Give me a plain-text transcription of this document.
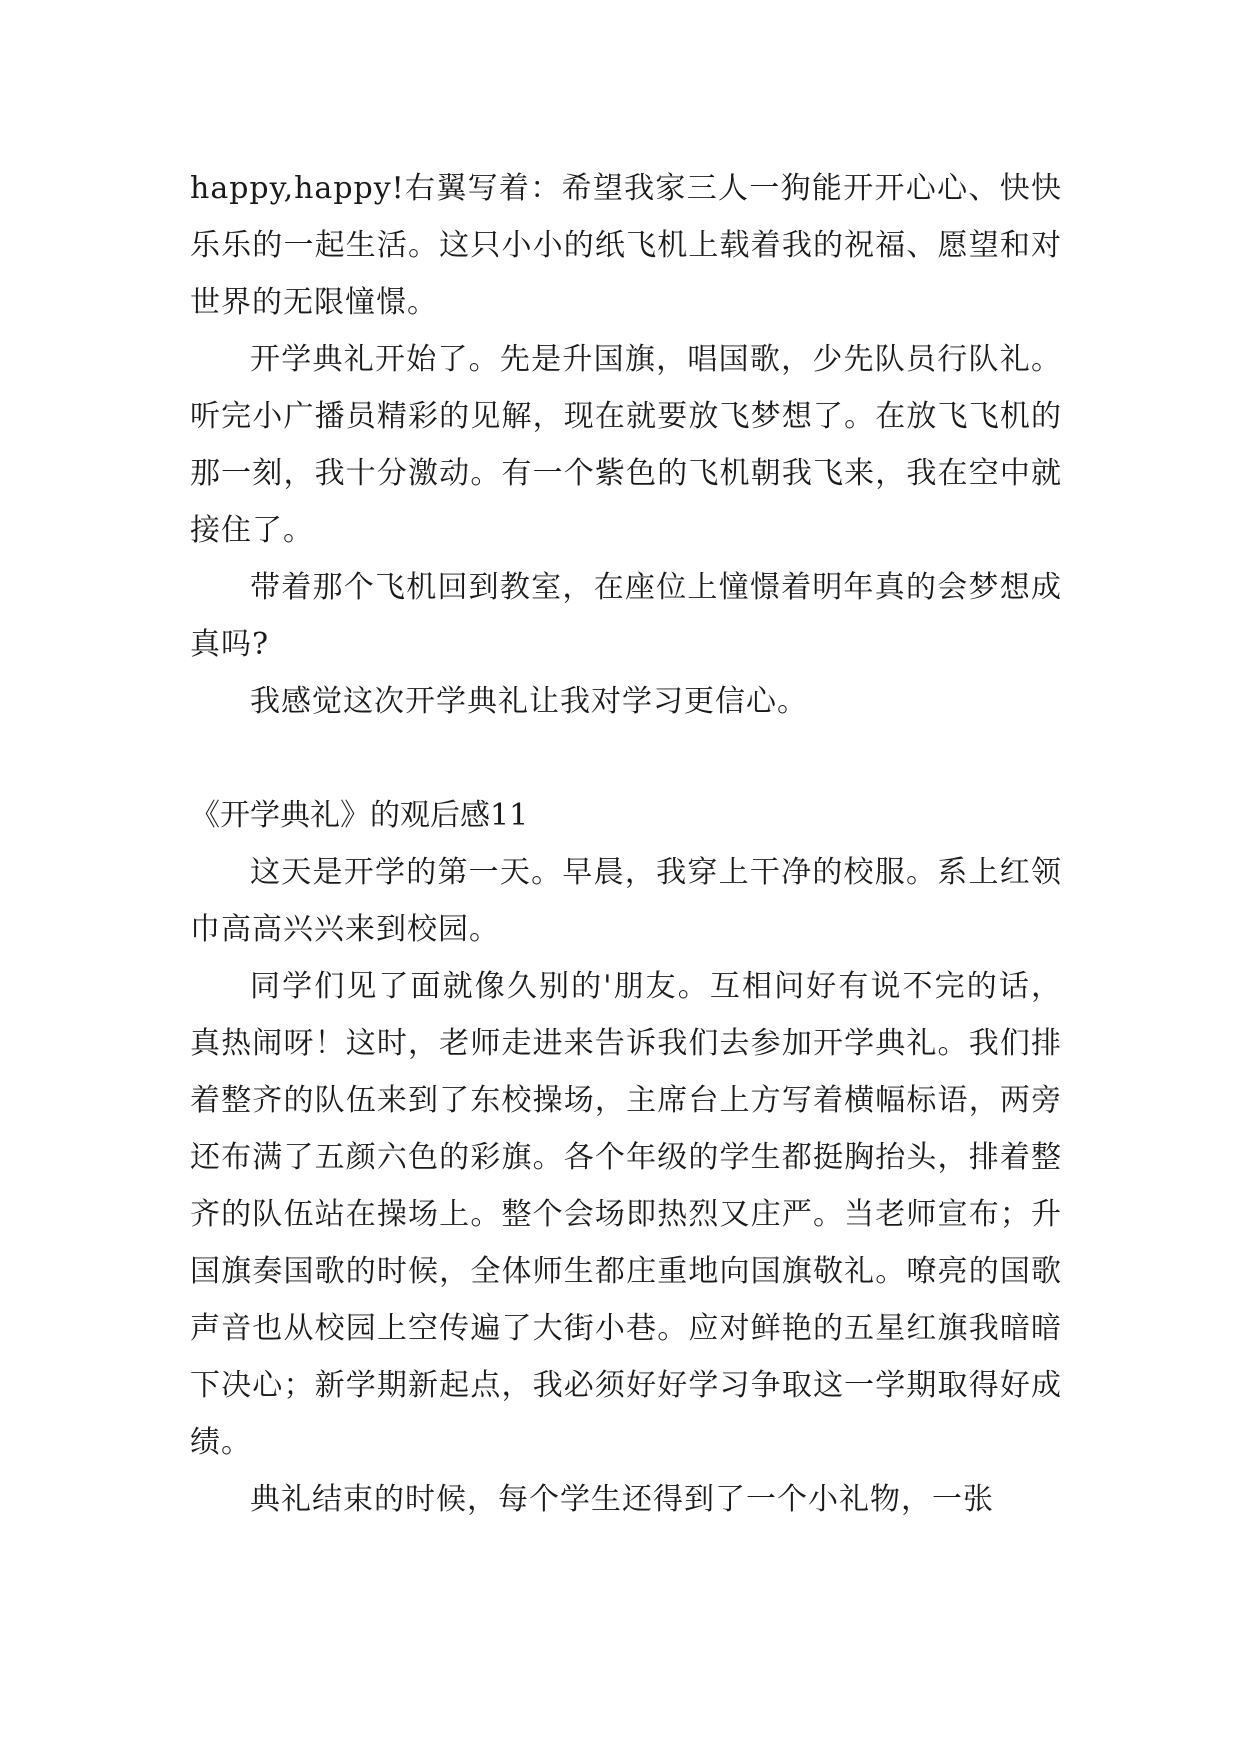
happy,happy!右翼写着：希望我家三人一狗能开开心心、快快乐乐的一起生活。这只小小的纸飞机上载着我的祝福、愿望和对世界的无限憧憬。

开学典礼开始了。先是升国旗，唱国歌，少先队员行队礼。听完小广播员精彩的见解，现在就要放飞梦想了。在放飞飞机的那一刻，我十分激动。有一个紫色的飞机朝我飞来，我在空中就接住了。

带着那个飞机回到教室，在座位上憧憬着明年真的会梦想成真吗?

我感觉这次开学典礼让我对学习更信心。

《开学典礼》的观后感11

这天是开学的第一天。早晨，我穿上干净的校服。系上红领巾高高兴兴来到校园。

同学们见了面就像久别的'朋友。互相问好有说不完的话，真热闹呀！这时，老师走进来告诉我们去参加开学典礼。我们排着整齐的队伍来到了东校操场，主席台上方写着横幅标语，两旁还布满了五颜六色的彩旗。各个年级的学生都挺胸抬头，排着整齐的队伍站在操场上。整个会场即热烈又庄严。当老师宣布；升国旗奏国歌的时候，全体师生都庄重地向国旗敬礼。嘹亮的国歌声音也从校园上空传遍了大街小巷。应对鲜艳的五星红旗我暗暗下决心；新学期新起点，我必须好好学习争取这一学期取得好成绩。

典礼结束的时候，每个学生还得到了一个小礼物，一张
